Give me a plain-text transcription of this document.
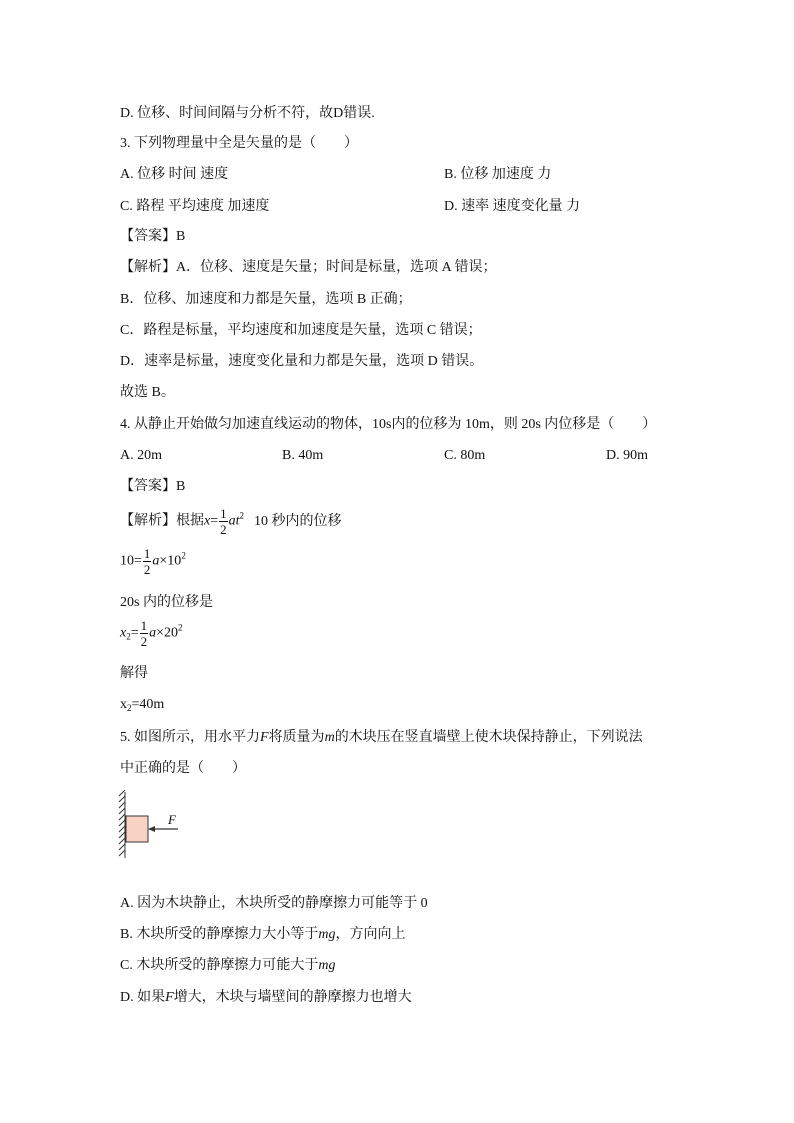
D. 位移、时间间隔与分析不符，故D错误.
3. 下列物理量中全是矢量的是（　　）
A. 位移 时间 速度	B. 位移 加速度 力
C. 路程 平均速度 加速度	D. 速率 速度变化量 力
【答案】B
【解析】A．位移、速度是矢量；时间是标量，选项 A 错误；
B．位移、加速度和力都是矢量，选项 B 正确；
C．路程是标量，平均速度和加速度是矢量，选项 C 错误；
D．速率是标量，速度变化量和力都是矢量，选项 D 错误。
故选 B。
4. 从静止开始做匀加速直线运动的物体，10s内的位移为 10m，则 20s 内位移是（　　）
A. 20m	B. 40m	C. 80m	D. 90m
【答案】B
【解析】根据$x= \frac{1}{2} at^2$ 10 秒内的位移
$10= \frac{1}{2} a\times 10^2$
20s 内的位移是
$x_2= \frac{1}{2} a\times 20^2$
解得
$x_2=40m$
5. 如图所示，用水平力F将质量为m的木块压在竖直墙壁上使木块保持静止，下列说法
中正确的是（　　）
F
A. 因为木块静止，木块所受的静摩擦力可能等于 0
B. 木块所受的静摩擦力大小等于mg，方向向上
C. 木块所受的静摩擦力可能大于mg
D. 如果F增大，木块与墙壁间的静摩擦力也增大
